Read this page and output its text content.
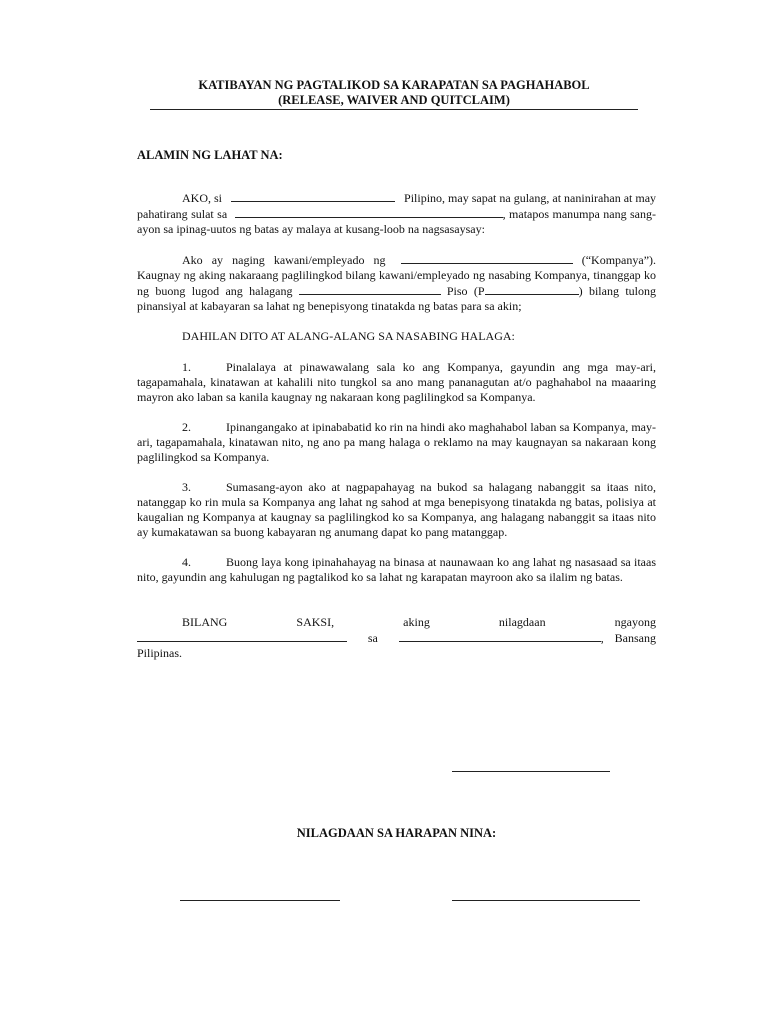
KATIBAYAN NG PAGTALIKOD SA KARAPATAN SA PAGHAHABOL
(RELEASE, WAIVER AND QUITCLAIM)
ALAMIN NG LAHAT NA:

AKO, si	Pilipino, may sapat na gulang, at naninirahan at may pahatirang sulat sa	, matapos manumpa nang sang-ayon sa ipinag-uutos ng batas ay malaya at kusang-loob na nagsasaysay:

Ako ay naging kawani/empleyado ng	(“Kompanya”). Kaugnay ng aking nakaraang paglilingkod bilang kawani/empleyado ng nasabing Kompanya, tinanggap ko ng buong lugod ang halagang	Piso (P	) bilang tulong pinansiyal at kabayaran sa lahat ng benepisyong tinatakda ng batas para sa akin;

DAHILAN DITO AT ALANG-ALANG SA NASABING HALAGA:

1.	Pinalalaya at pinawawalang sala ko ang Kompanya, gayundin ang mga may-ari, tagapamahala, kinatawan at kahalili nito tungkol sa ano mang pananagutan at/o paghahabol na maaaring mayron ako laban sa kanila kaugnay ng nakaraan kong paglilingkod sa Kompanya.

2.	Ipinangangako at ipinababatid ko rin na hindi ako maghahabol laban sa Kompanya, may-ari, tagapamahala, kinatawan nito, ng ano pa mang halaga o reklamo na may kaugnayan sa nakaraan kong paglilingkod sa Kompanya.

3.	Sumasang-ayon ako at nagpapahayag na bukod sa halagang nabanggit sa itaas nito, natanggap ko rin mula sa Kompanya ang lahat ng sahod at mga benepisyong tinatakda ng batas, polisiya at kaugalian ng Kompanya at kaugnay sa paglilingkod ko sa Kompanya, ang halagang nabanggit sa itaas nito ay kumakatawan sa buong kabayaran ng anumang dapat ko pang matanggap.

4.	Buong laya kong ipinahahayag na binasa at naunawaan ko ang lahat ng nasasaad sa itaas nito, gayundin ang kahulugan ng pagtalikod ko sa lahat ng karapatan mayroon ako sa ilalim ng batas.

BILANG SAKSI, aking nilagdaan ngayong  sa	, Bansang Pilipinas.

NILAGDAAN SA HARAPAN NINA:
